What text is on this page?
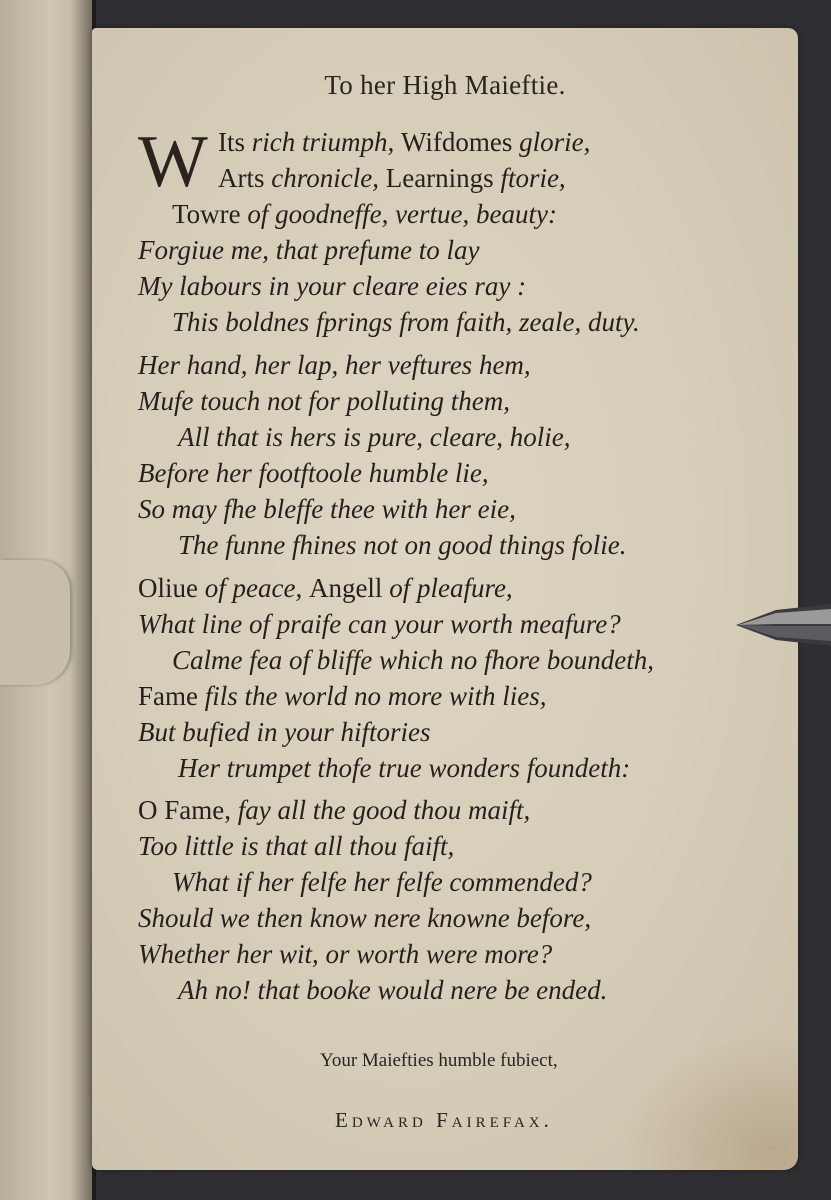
To her High Maieftie.
W Its rich triumph, Wifdomes glorie,
Arts chronicle, Learnings ftorie,
Towre of goodneffe, vertue, beauty:
Forgiue me, that prefume to lay
My labours in your cleare eies ray :
This boldnes fprings from faith, zeale, duty.
Her hand, her lap, her veftures hem,
Mufe touch not for polluting them,
All that is hers is pure, cleare, holie,
Before her footftoole humble lie,
So may fhe bleffe thee with her eie,
The funne fhines not on good things folie.
Oliue of peace, Angell of pleafure,
What line of praife can your worth meafure?
Calme fea of bliffe which no fhore boundeth,
Fame fils the world no more with lies,
But bufied in your hiftories
Her trumpet thofe true wonders foundeth:
O Fame, fay all the good thou maift,
Too little is that all thou faift,
What if her felfe her felfe commended?
Should we then know nere knowne before,
Whether her wit, or worth were more?
Ah no! that booke would nere be ended.
Your Maiefties humble fubiect,
Edward Fairefax.
